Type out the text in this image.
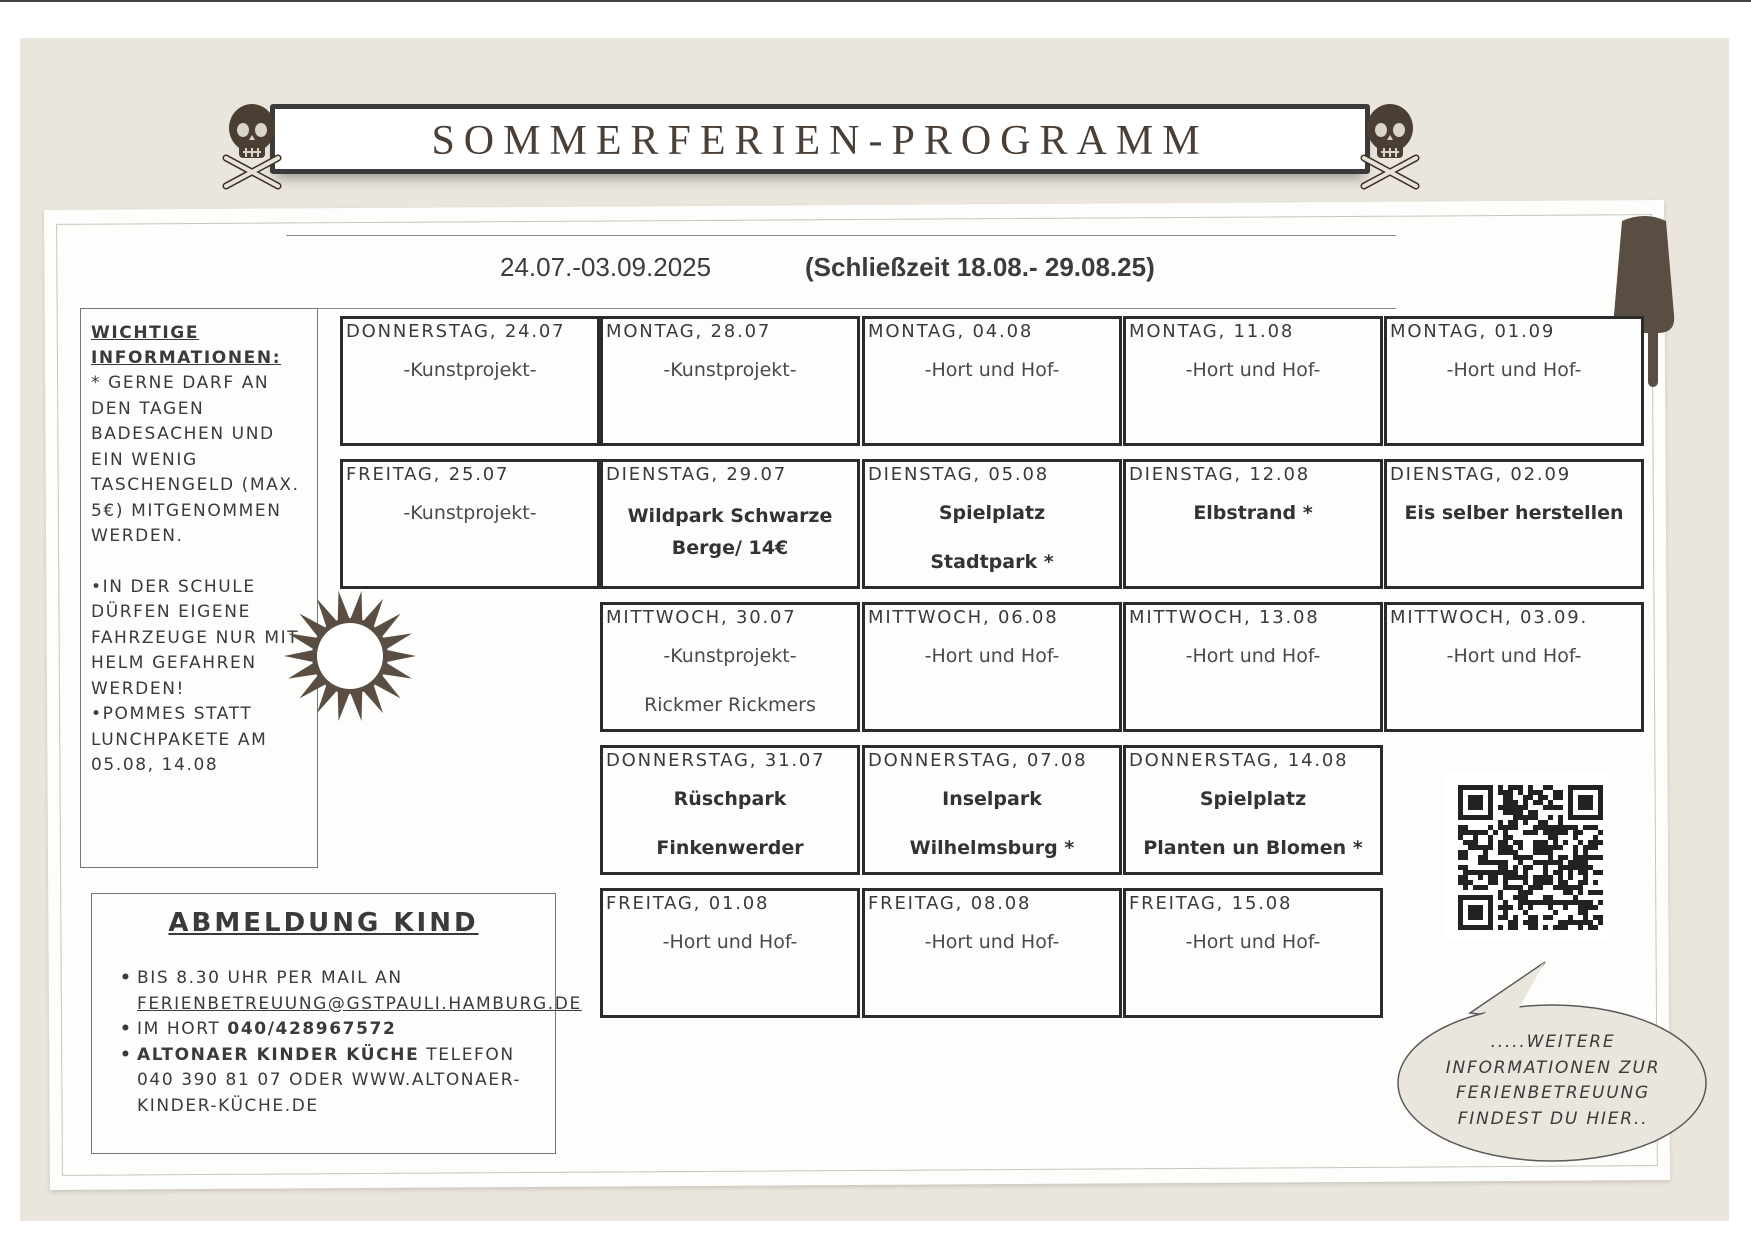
SOMMERFERIEN-PROGRAMM
24.07.-03.09.2025	(Schließzeit 18.08.- 29.08.25)
WICHTIGE
INFORMATIONEN:
* GERNE DARF AN DEN TAGEN BADESACHEN UND EIN WENIG TASCHENGELD (MAX. 5€) MITGENOMMEN WERDEN.
•IN DER SCHULE DÜRFEN EIGENE FAHRZEUGE NUR MIT HELM GEFAHREN WERDEN!
•POMMES STATT LUNCHPAKETE AM 05.08, 14.08
DONNERSTAG, 24.07
-Kunstprojekt-
MONTAG, 28.07
-Kunstprojekt-
MONTAG, 04.08
-Hort und Hof-
MONTAG, 11.08
-Hort und Hof-
MONTAG, 01.09
-Hort und Hof-
FREITAG, 25.07
-Kunstprojekt-
DIENSTAG, 29.07
Wildpark Schwarze Berge/ 14€
DIENSTAG, 05.08
Spielplatz
Stadtpark *
DIENSTAG, 12.08
Elbstrand *
DIENSTAG, 02.09
Eis selber herstellen
MITTWOCH, 30.07
-Kunstprojekt-
Rickmer Rickmers
MITTWOCH, 06.08
-Hort und Hof-
MITTWOCH, 13.08
-Hort und Hof-
MITTWOCH, 03.09.
-Hort und Hof-
DONNERSTAG, 31.07
Rüschpark
Finkenwerder
DONNERSTAG, 07.08
Inselpark
Wilhelmsburg *
DONNERSTAG, 14.08
Spielplatz
Planten un Blomen *
FREITAG, 01.08
-Hort und Hof-
FREITAG, 08.08
-Hort und Hof-
FREITAG, 15.08
-Hort und Hof-
ABMELDUNG KIND
• BIS 8.30 UHR PER MAIL AN FERIENBETREUUNG@GSTPAULI.HAMBURG.DE
• IM HORT 040/428967572
• ALTONAER KINDER KÜCHE TELEFON 040 390 81 07 ODER WWW.ALTONAER-KINDER-KÜCHE.DE
.....WEITERE INFORMATIONEN ZUR FERIENBETREUUNG FINDEST DU HIER..
